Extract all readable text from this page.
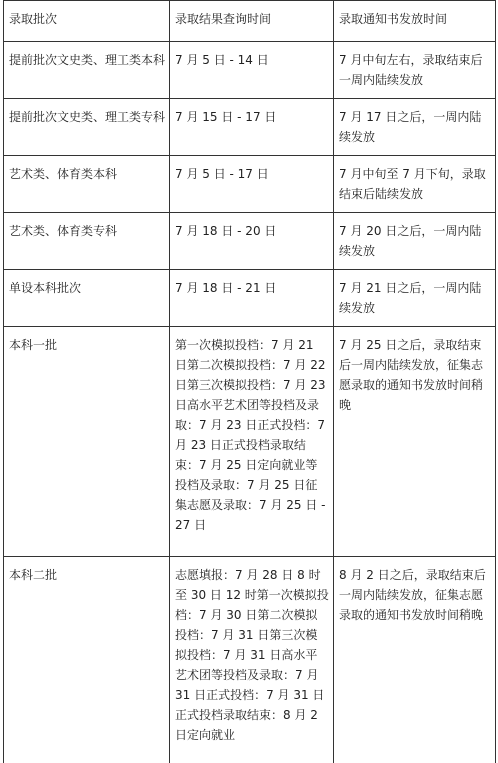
录取批次	录取结果查询时间	录取通知书发放时间
提前批次文史类、理工类本科	7 月 5 日 - 14 日	7 月中旬左右，录取结束后一周内陆续发放
提前批次文史类、理工类专科	7 月 15 日 - 17 日	7 月 17 日之后，一周内陆续发放
艺术类、体育类本科	7 月 5 日 - 17 日	7 月中旬至 7 月下旬，录取结束后陆续发放
艺术类、体育类专科	7 月 18 日 - 20 日	7 月 20 日之后，一周内陆续发放
单设本科批次	7 月 18 日 - 21 日	7 月 21 日之后，一周内陆续发放
本科一批	第一次模拟投档：7 月 21 日第二次模拟投档：7 月 22 日第三次模拟投档：7 月 23 日高水平艺术团等投档及录取：7 月 23 日正式投档：7 月 23 日正式投档录取结束：7 月 25 日定向就业等投档及录取：7 月 25 日征集志愿及录取：7 月 25 日 - 27 日	7 月 25 日之后，录取结束后一周内陆续发放，征集志愿录取的通知书发放时间稍晚
本科二批	志愿填报：7 月 28 日 8 时至 30 日 12 时第一次模拟投档：7 月 30 日第二次模拟投档：7 月 31 日第三次模拟投档：7 月 31 日高水平艺术团等投档及录取：7 月 31 日正式投档：7 月 31 日正式投档录取结束：8 月 2 日定向就业	8 月 2 日之后，录取结束后一周内陆续发放，征集志愿录取的通知书发放时间稍晚
